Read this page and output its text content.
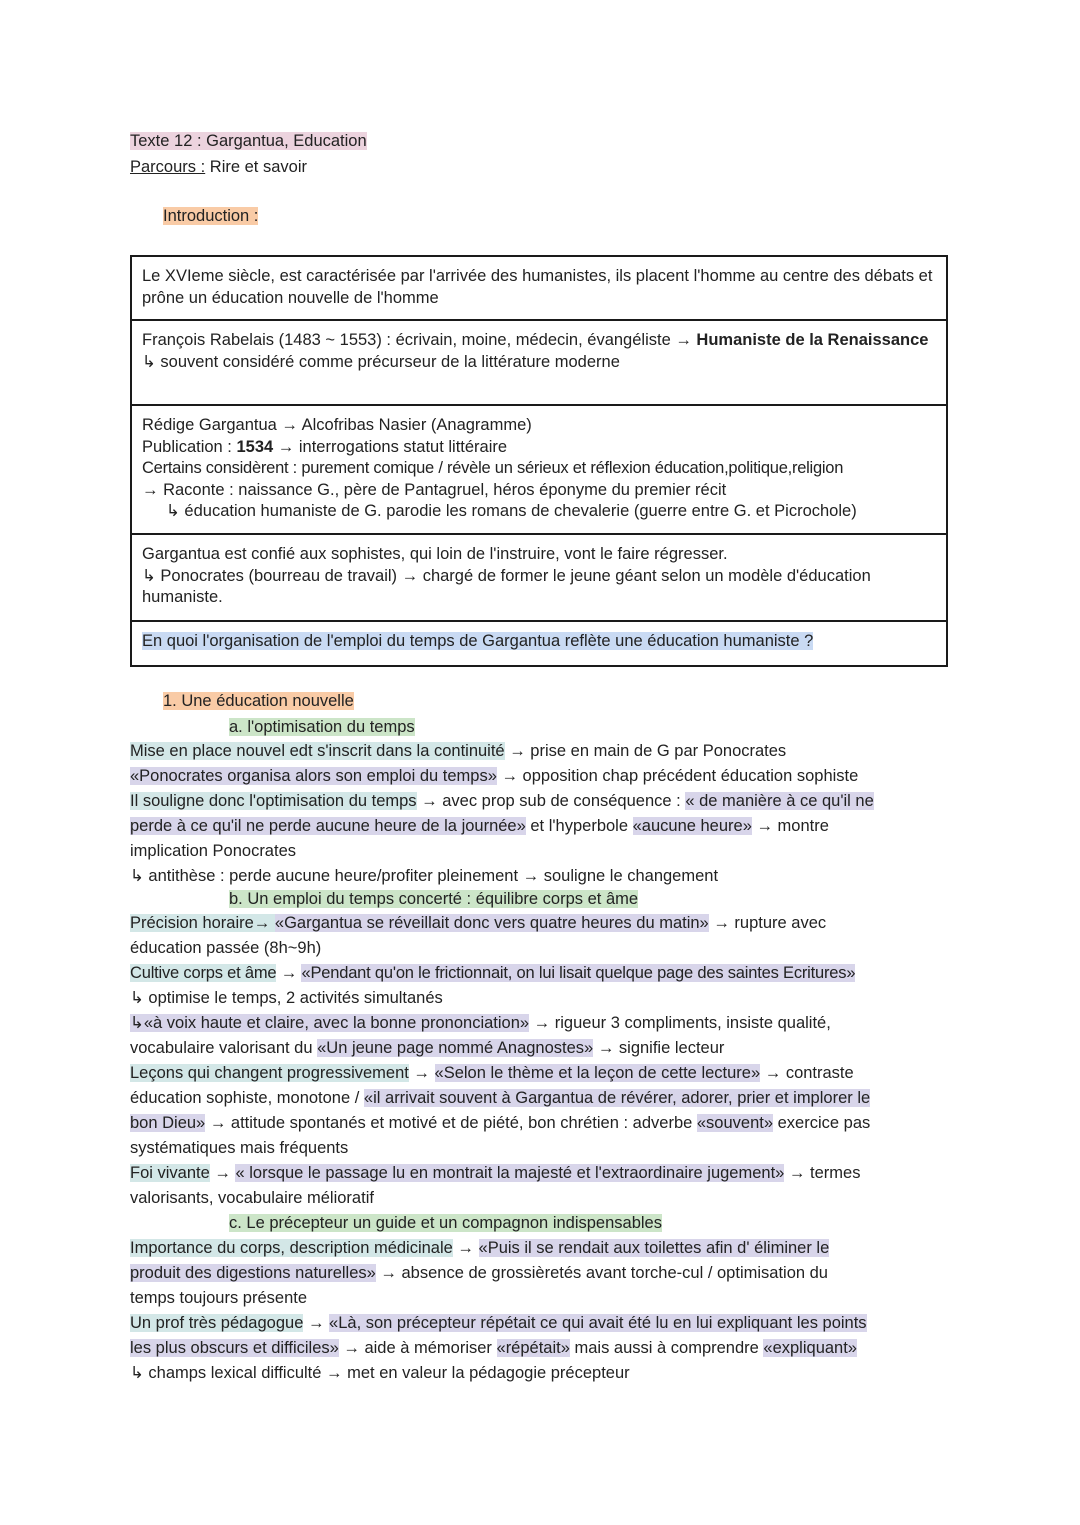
Texte 12 : Gargantua, Education
Parcours : Rire et savoir
Introduction :
Le XVIeme siècle, est caractérisée par l'arrivée des humanistes, ils placent l'homme au centre des débats et prône un éducation nouvelle de l'homme
François Rabelais (1483 ~ 1553) : écrivain, moine, médecin, évangéliste → Humaniste de la Renaissance
↳ souvent considéré comme précurseur de la littérature moderne
Rédige Gargantua → Alcofribas Nasier (Anagramme)
Publication : 1534 → interrogations statut littéraire
Certains considèrent : purement comique / révèle un sérieux et réflexion éducation,politique,religion
→ Raconte : naissance G., père de Pantagruel, héros éponyme du premier récit
↳ éducation humaniste de G. parodie les romans de chevalerie (guerre entre G. et Picrochole)
Gargantua est confié aux sophistes, qui loin de l'instruire, vont le faire régresser.
↳ Ponocrates (bourreau de travail) → chargé de former le jeune géant selon un modèle d'éducation humaniste.
En quoi l'organisation de l'emploi du temps de Gargantua reflète une éducation humaniste ?
1. Une éducation nouvelle
a. l'optimisation du temps
Mise en place nouvel edt s'inscrit dans la continuité → prise en main de G par Ponocrates
«Ponocrates organisa alors son emploi du temps» → opposition chap précédent éducation sophiste
Il souligne donc l'optimisation du temps → avec prop sub de conséquence : « de manière à ce qu'il ne
perde à ce qu'il ne perde aucune heure de la journée» et l'hyperbole «aucune heure» → montre
implication Ponocrates
↳ antithèse : perde aucune heure/profiter pleinement → souligne le changement
b. Un emploi du temps concerté : équilibre corps et âme
Précision horaire→ «Gargantua se réveillait donc vers quatre heures du matin» → rupture avec
éducation passée (8h~9h)
Cultive corps et âme → «Pendant qu'on le frictionnait, on lui lisait quelque page des saintes Ecritures»
↳ optimise le temps, 2 activités simultanés
↳«à voix haute et claire, avec la bonne prononciation» → rigueur 3 compliments, insiste qualité,
vocabulaire valorisant du «Un jeune page nommé Anagnostes» → signifie lecteur
Leçons qui changent progressivement → «Selon le thème et la leçon de cette lecture» → contraste
éducation sophiste, monotone / «il arrivait souvent à Gargantua de révérer, adorer, prier et implorer le
bon Dieu» → attitude spontanés et motivé et de piété, bon chrétien : adverbe «souvent» exercice pas
systématiques mais fréquents
Foi vivante → « lorsque le passage lu en montrait la majesté et l'extraordinaire jugement» → termes
valorisants, vocabulaire mélioratif
c. Le précepteur un guide et un compagnon indispensables
Importance du corps, description médicinale → «Puis il se rendait aux toilettes afin d' éliminer le
produit des digestions naturelles» → absence de grossièretés avant torche-cul / optimisation du
temps toujours présente
Un prof très pédagogue → «Là, son précepteur répétait ce qui avait été lu en lui expliquant les points
les plus obscurs et difficiles» → aide à mémoriser «répétait» mais aussi à comprendre «expliquant»
↳ champs lexical difficulté → met en valeur la pédagogie précepteur
